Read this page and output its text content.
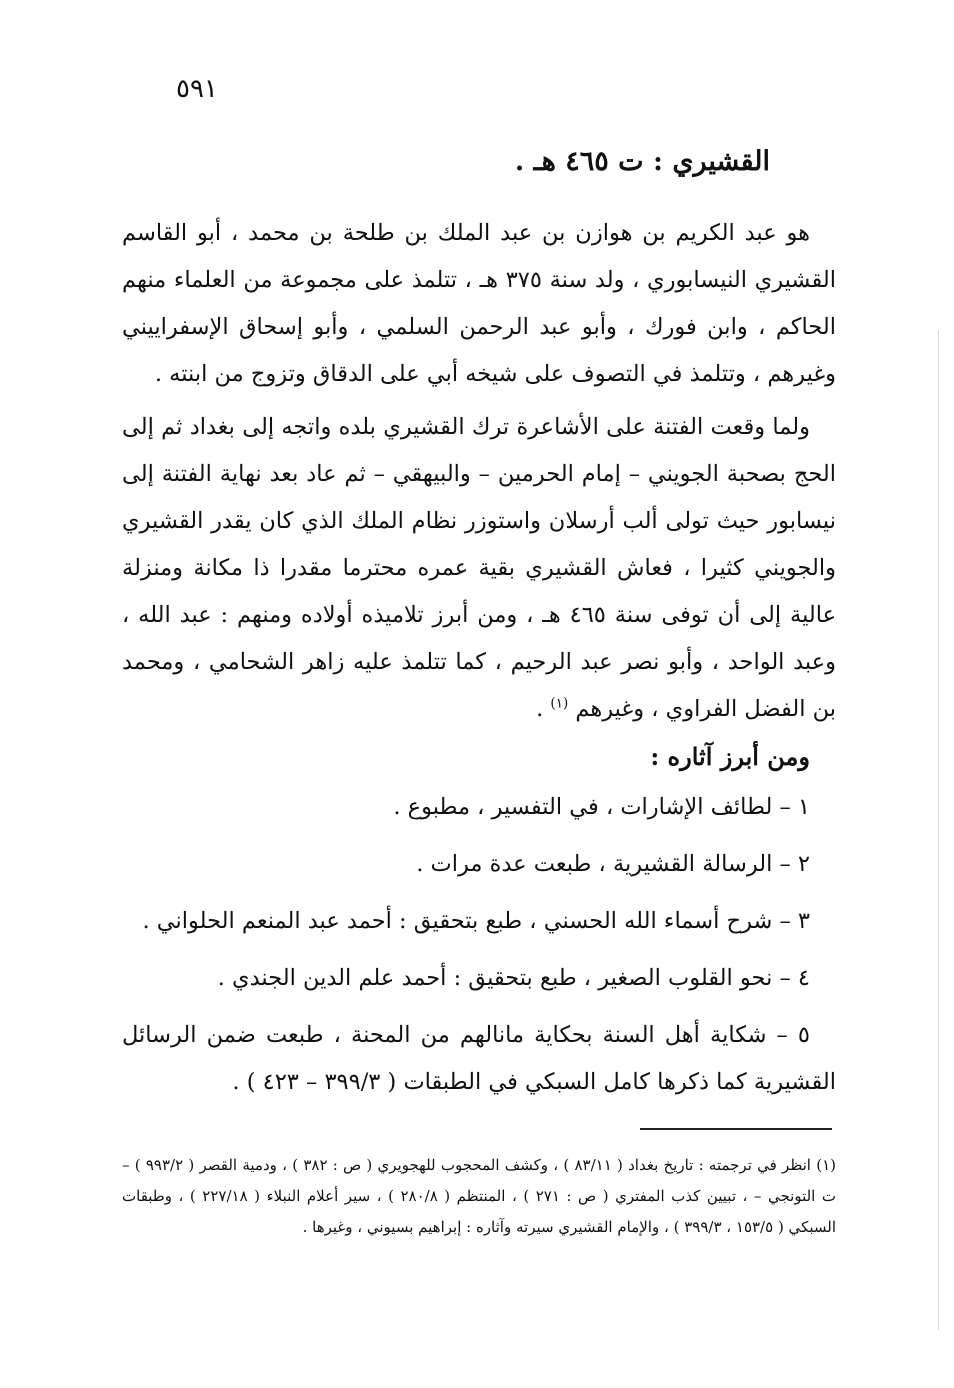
٥٩١
القشيري : ت ٤٦٥ هـ .

هو عبد الكريم بن هوازن بن عبد الملك بن طلحة بن محمد ، أبو القاسم القشيري النيسابوري ، ولد سنة ٣٧٥ هـ ، تتلمذ على مجموعة من العلماء منهم الحاكم ، وابن فورك ، وأبو عبد الرحمن السلمي ، وأبو إسحاق الإسفراييني وغيرهم ، وتتلمذ في التصوف على شيخه أبي على الدقاق وتزوج من ابنته .

ولما وقعت الفتنة على الأشاعرة ترك القشيري بلده واتجه إلى بغداد ثم إلى الحج بصحبة الجويني – إمام الحرمين – والبيهقي – ثم عاد بعد نهاية الفتنة إلى نيسابور حيث تولى ألب أرسلان واستوزر نظام الملك الذي كان يقدر القشيري والجويني كثيرا ، فعاش القشيري بقية عمره محترما مقدرا ذا مكانة ومنزلة عالية إلى أن توفى سنة ٤٦٥ هـ ، ومن أبرز تلاميذه أولاده ومنهم : عبد الله ، وعبد الواحد ، وأبو نصر عبد الرحيم ، كما تتلمذ عليه زاهر الشحامي ، ومحمد بن الفضل الفراوي ، وغيرهم $^{(١)}$ .

ومن أبرز آثاره :

١ – لطائف الإشارات ، في التفسير ، مطبوع .
٢ – الرسالة القشيرية ، طبعت عدة مرات .
٣ – شرح أسماء الله الحسني ، طبع بتحقيق : أحمد عبد المنعم الحلواني .
٤ – نحو القلوب الصغير ، طبع بتحقيق : أحمد علم الدين الجندي .
٥ – شكاية أهل السنة بحكاية مانالهم من المحنة ، طبعت ضمن الرسائل القشيرية كما ذكرها كامل السبكي في الطبقات ( ٣٩٩/٣ – ٤٢٣ ) .

(١) انظر في ترجمته : تاريخ بغداد ( ٨٣/١١ ) ، وكشف المحجوب للهجويري ( ص : ٣٨٢ ) ، ودمية القصر ( ٩٩٣/٢ ) – ت التونجي – ، تبيين كذب المفتري ( ص : ٢٧١ ) ، المنتظم ( ٢٨٠/٨ ) ، سير أعلام النبلاء ( ٢٢٧/١٨ ) ، وطبقات السبكي ( ١٥٣/٥ ، ٣٩٩/٣ ) ، والإمام القشيري سيرته وآثاره : إبراهيم بسيوني ، وغيرها .
